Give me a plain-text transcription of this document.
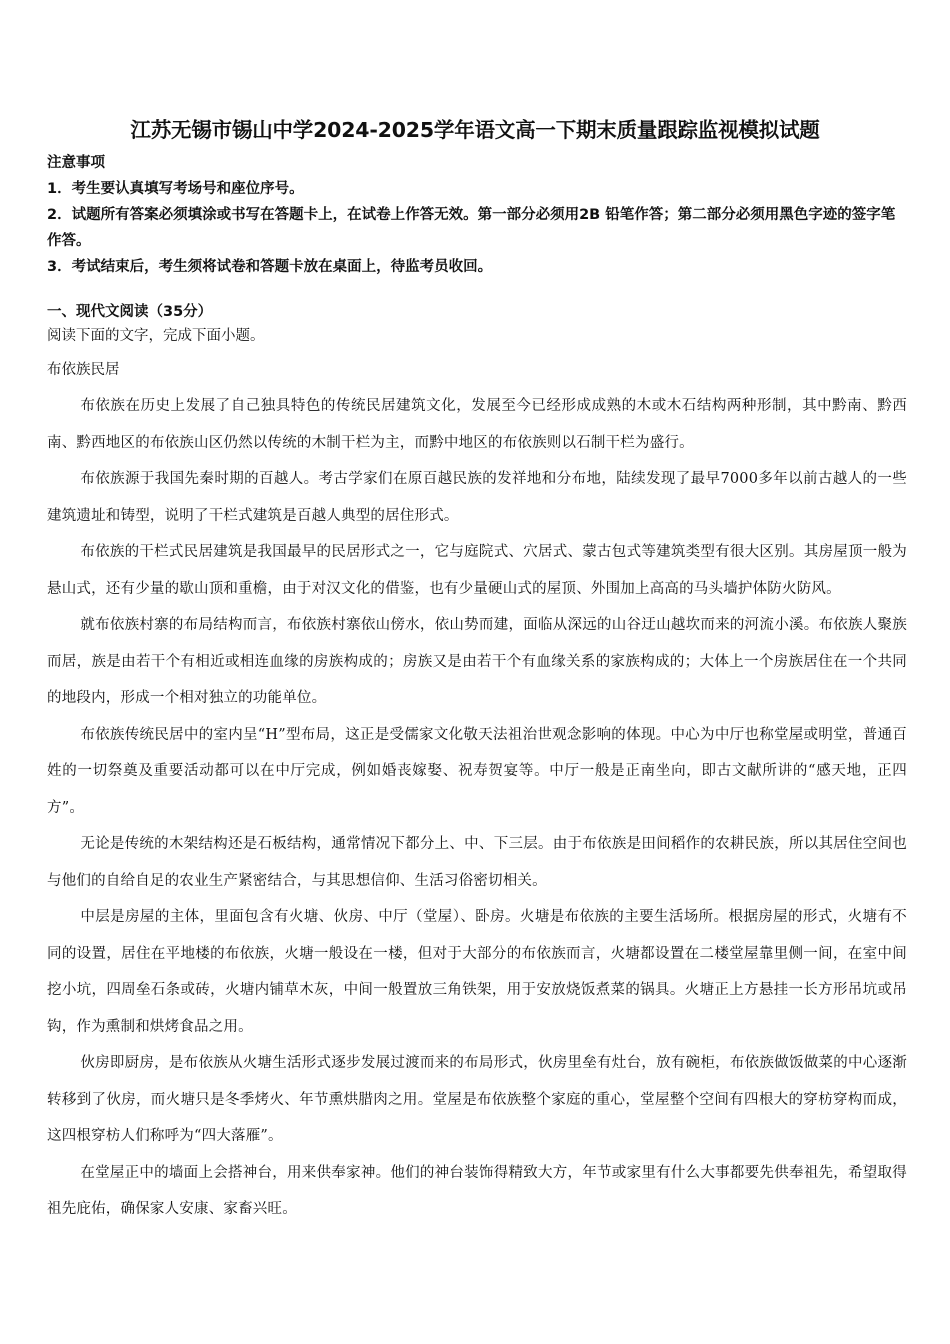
江苏无锡市锡山中学2024-2025学年语文高一下期末质量跟踪监视模拟试题
注意事项
1．考生要认真填写考场号和座位序号。
2．试题所有答案必须填涂或书写在答题卡上，在试卷上作答无效。第一部分必须用2B 铅笔作答；第二部分必须用黑色字迹的签字笔作答。
3．考试结束后，考生须将试卷和答题卡放在桌面上，待监考员收回。
一、现代文阅读（35分）
阅读下面的文字，完成下面小题。
布依族民居

布依族在历史上发展了自己独具特色的传统民居建筑文化，发展至今已经形成成熟的木或木石结构两种形制，其中黔南、黔西南、黔西地区的布依族山区仍然以传统的木制干栏为主，而黔中地区的布依族则以石制干栏为盛行。

布依族源于我国先秦时期的百越人。考古学家们在原百越民族的发祥地和分布地，陆续发现了最早7000多年以前古越人的一些建筑遗址和铸型，说明了干栏式建筑是百越人典型的居住形式。

布依族的干栏式民居建筑是我国最早的民居形式之一，它与庭院式、穴居式、蒙古包式等建筑类型有很大区别。其房屋顶一般为悬山式，还有少量的歇山顶和重檐，由于对汉文化的借鉴，也有少量硬山式的屋顶、外围加上高高的马头墙护体防火防风。

就布依族村寨的布局结构而言，布依族村寨依山傍水，依山势而建，面临从深远的山谷迂山越坎而来的河流小溪。布依族人聚族而居，族是由若干个有相近或相连血缘的房族构成的；房族又是由若干个有血缘关系的家族构成的；大体上一个房族居住在一个共同的地段内，形成一个相对独立的功能单位。

布依族传统民居中的室内呈“H”型布局，这正是受儒家文化敬天法祖治世观念影响的体现。中心为中厅也称堂屋或明堂，普通百姓的一切祭奠及重要活动都可以在中厅完成，例如婚丧嫁娶、祝寿贺宴等。中厅一般是正南坐向，即古文献所讲的“感天地，正四方”。

无论是传统的木架结构还是石板结构，通常情况下都分上、中、下三层。由于布依族是田间稻作的农耕民族，所以其居住空间也与他们的自给自足的农业生产紧密结合，与其思想信仰、生活习俗密切相关。

中层是房屋的主体，里面包含有火塘、伙房、中厅（堂屋）、卧房。火塘是布依族的主要生活场所。根据房屋的形式，火塘有不同的设置，居住在平地楼的布依族，火塘一般设在一楼，但对于大部分的布依族而言，火塘都设置在二楼堂屋靠里侧一间，在室中间挖小坑，四周垒石条或砖，火塘内铺草木灰，中间一般置放三角铁架，用于安放烧饭煮菜的锅具。火塘正上方悬挂一长方形吊坑或吊钩，作为熏制和烘烤食品之用。

伙房即厨房，是布依族从火塘生活形式逐步发展过渡而来的布局形式，伙房里垒有灶台，放有碗柜，布依族做饭做菜的中心逐渐转移到了伙房，而火塘只是冬季烤火、年节熏烘腊肉之用。堂屋是布依族整个家庭的重心，堂屋整个空间有四根大的穿枋穿构而成，这四根穿枋人们称呼为“四大落雁”。

在堂屋正中的墙面上会搭神台，用来供奉家神。他们的神台装饰得精致大方，年节或家里有什么大事都要先供奉祖先，希望取得祖先庇佑，确保家人安康、家畜兴旺。
